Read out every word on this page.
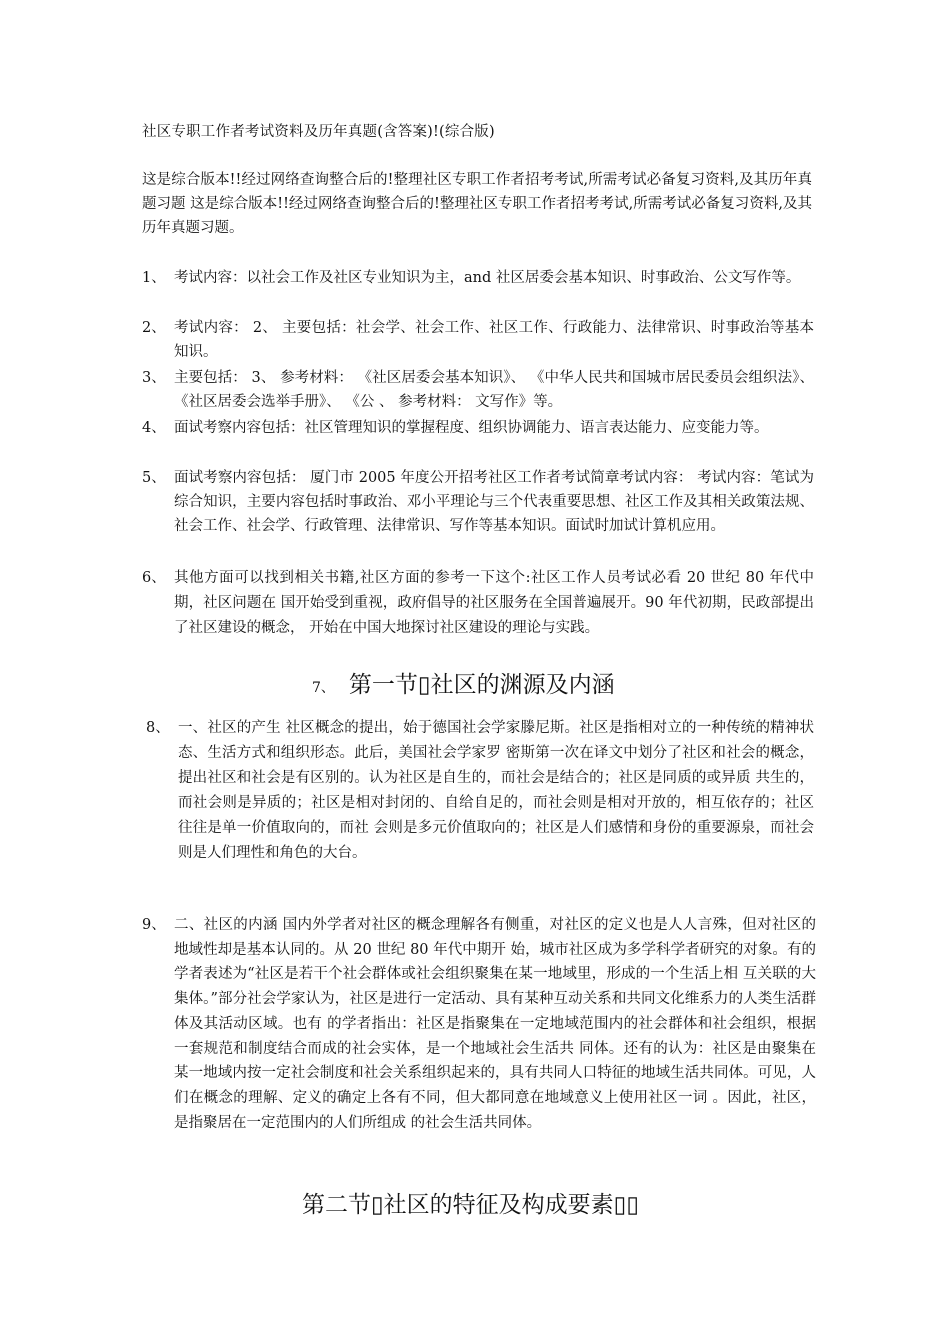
社区专职工作者考试资料及历年真题(含答案)!(综合版)
这是综合版本!!经过网络查询整合后的!整理社区专职工作者招考考试,所需考试必备复习资料,及其历年真题习题 这是综合版本!!经过网络查询整合后的!整理社区专职工作者招考考试,所需考试必备复习资料,及其历年真题习题。
1、 考试内容：以社会工作及社区专业知识为主，and 社区居委会基本知识、时事政治、公文写作等。
2、 考试内容： 2、 主要包括：社会学、社会工作、社区工作、行政能力、法律常识、时事政治等基本知识。
3、 主要包括： 3、 参考材料： 《社区居委会基本知识》、 《中华人民共和国城市居民委员会组织法》、 《社区居委会选举手册》、 《公 、 参考材料： 文写作》等。
4、 面试考察内容包括：社区管理知识的掌握程度、组织协调能力、语言表达能力、应变能力等。
5、 面试考察内容包括： 厦门市 2005 年度公开招考社区工作者考试简章考试内容： 考试内容：笔试为综合知识，主要内容包括时事政治、邓小平理论与三个代表重要思想、社区工作及其相关政策法规、 社会工作、社会学、行政管理、法律常识、写作等基本知识。面试时加试计算机应用。
6、 其他方面可以找到相关书籍,社区方面的参考一下这个:社区工作人员考试必看 20 世纪 80 年代中期，社区问题在 国开始受到重视，政府倡导的社区服务在全国普遍展开。90 年代初期，民政部提出了社区建设的概念， 开始在中国大地探讨社区建设的理论与实践。
7、 第一节▯社区的渊源及内涵
8、 一、社区的产生 社区概念的提出，始于德国社会学家滕尼斯。社区是指相对立的一种传统的精神状态、生活方式和组织形态。此后，美国社会学家罗 密斯第一次在译文中划分了社区和社会的概念，提出社区和社会是有区别的。认为社区是自生的，而社会是结合的；社区是同质的或异质 共生的，而社会则是异质的；社区是相对封闭的、自给自足的，而社会则是相对开放的，相互依存的；社区往往是单一价值取向的，而社 会则是多元价值取向的；社区是人们感情和身份的重要源泉，而社会则是人们理性和角色的大台。
9、 二、社区的内涵 国内外学者对社区的概念理解各有侧重，对社区的定义也是人人言殊，但对社区的地域性却是基本认同的。从 20 世纪 80 年代中期开 始，城市社区成为多学科学者研究的对象。有的学者表述为“社区是若干个社会群体或社会组织聚集在某一地域里，形成的一个生活上相 互关联的大集体。”部分社会学家认为，社区是进行一定活动、具有某种互动关系和共同文化维系力的人类生活群体及其活动区域。也有 的学者指出：社区是指聚集在一定地域范围内的社会群体和社会组织，根据一套规范和制度结合而成的社会实体，是一个地域社会生活共 同体。还有的认为：社区是由聚集在某一地域内按一定社会制度和社会关系组织起来的，具有共同人口特征的地域生活共同体。可见，人 们在概念的理解、定义的确定上各有不同，但大都同意在地域意义上使用社区一词 。因此，社区，是指聚居在一定范围内的人们所组成 的社会生活共同体。
第二节▯社区的特征及构成要素▯▯
